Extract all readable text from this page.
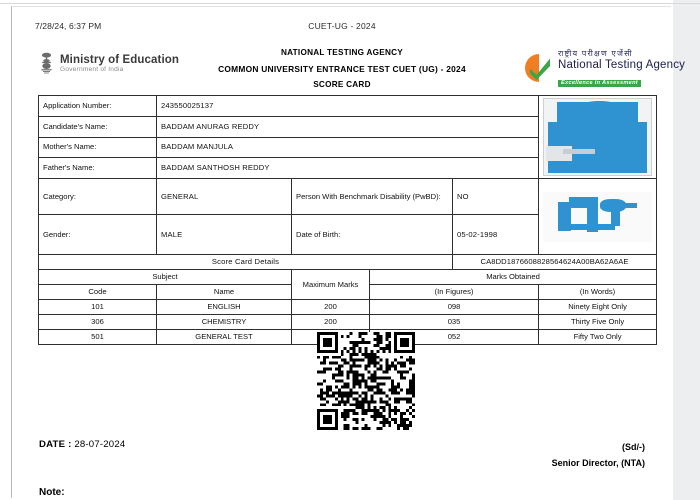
7/28/24, 6:37 PM	CUET-UG - 2024
Ministry of Education
Government of India
NATIONAL TESTING AGENCY
COMMON UNIVERSITY ENTRANCE TEST CUET (UG) - 2024
SCORE CARD
राष्ट्रीय परीक्षण एजेंसी
National Testing Agency
Excellence in Assessment
Application Number:	243550025137				

Candidate's Name:	BADDAM ANURAG REDDY				
Mother's Name:	BADDAM MANJULA				
Father's Name:	BADDAM SANTHOSH REDDY				
Category:	GENERAL	Person With Benchmark Disability (PwBD):		NO	

Gender:	MALE	Date of Birth:		05-02-1998	
Score Card Details				CA8DD1876608828564624A00BA62A6AE	
Subject		Maximum Marks	Marks Obtained		
Code	Name		(In Figures)		(In Words)
101	ENGLISH	200	098		Ninety Eight Only
306	CHEMISTRY	200	035		Thirty Five Only
501	GENERAL TEST		052		Fifty Two Only
DATE : 28-07-2024	(Sd/-)
Senior Director, (NTA)
Note:
